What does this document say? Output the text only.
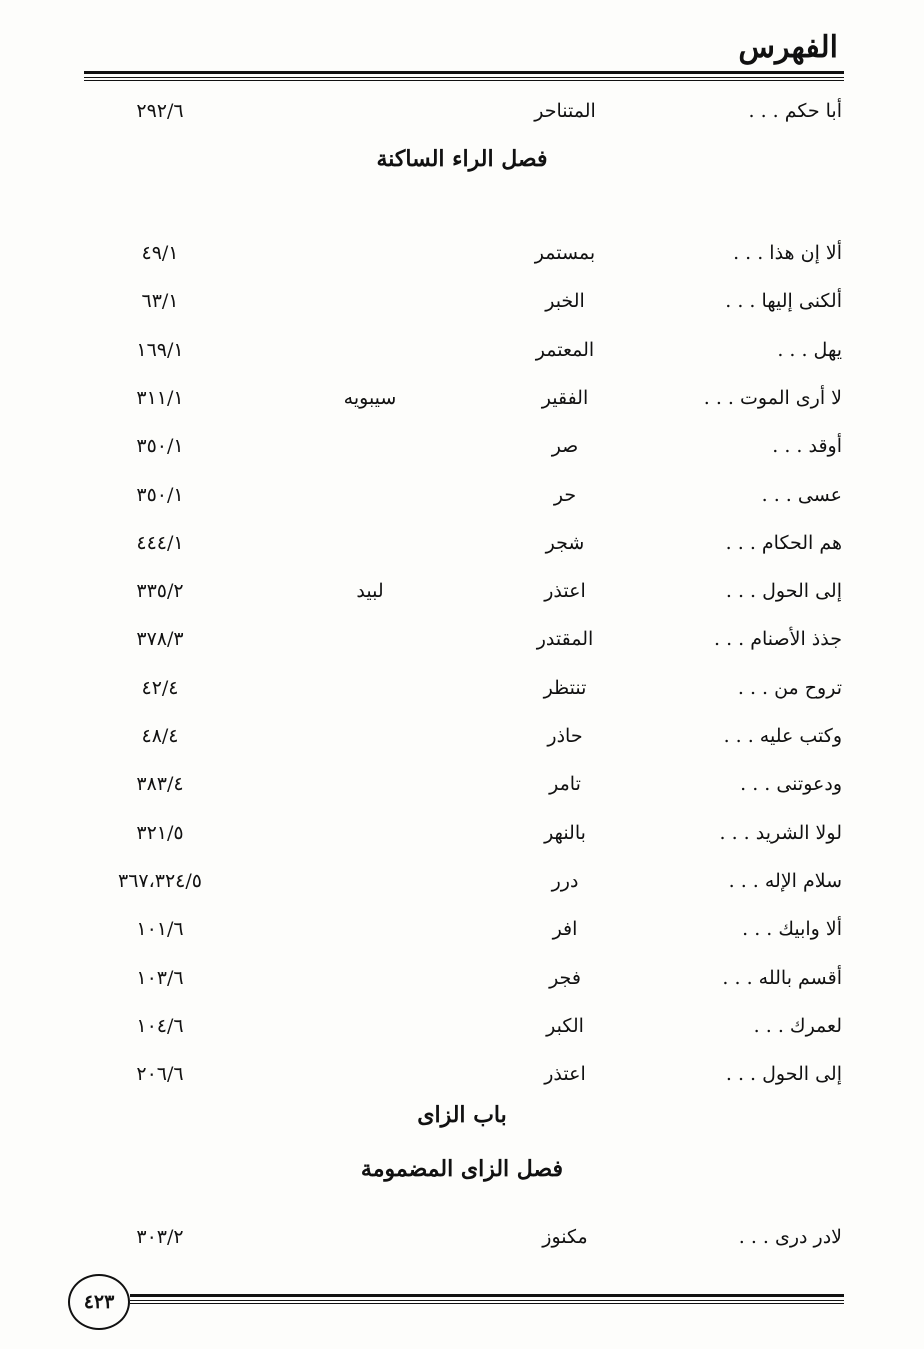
الفهرس
أبا حكم . . .
المتناحر
٢٩٢/٦
فصل الراء الساكنة
ألا إن هذا . . .
بمستمر
٤٩/١
ألكنى إليها . . .
الخبر
٦٣/١
يهل . . .
المعتمر
١٦٩/١
لا أرى الموت . . .
الفقير
سيبويه
٣١١/١
أوقد . . .
صر
٣٥٠/١
عسى . . .
حر
٣٥٠/١
هم الحكام . . .
شجر
٤٤٤/١
إلى الحول . . .
اعتذر
لبيد
٣٣٥/٢
جذذ الأصنام . . .
المقتدر
٣٧٨/٣
تروح من . . .
تنتظر
٤٢/٤
وكتب عليه . . .
حاذر
٤٨/٤
ودعوتنى . . .
تامر
٣٨٣/٤
لولا الشريد . . .
بالنهر
٣٢١/٥
سلام الإله . . .
درر
٣٦٧،٣٢٤/٥
ألا وابيك . . .
افر
١٠١/٦
أقسم بالله . . .
فجر
١٠٣/٦
لعمرك . . .
الكبر
١٠٤/٦
إلى الحول . . .
اعتذر
٢٠٦/٦
باب الزاى
فصل الزاى المضمومة
لادر درى . . .
مكنوز
٣٠٣/٢
٤٢٣
